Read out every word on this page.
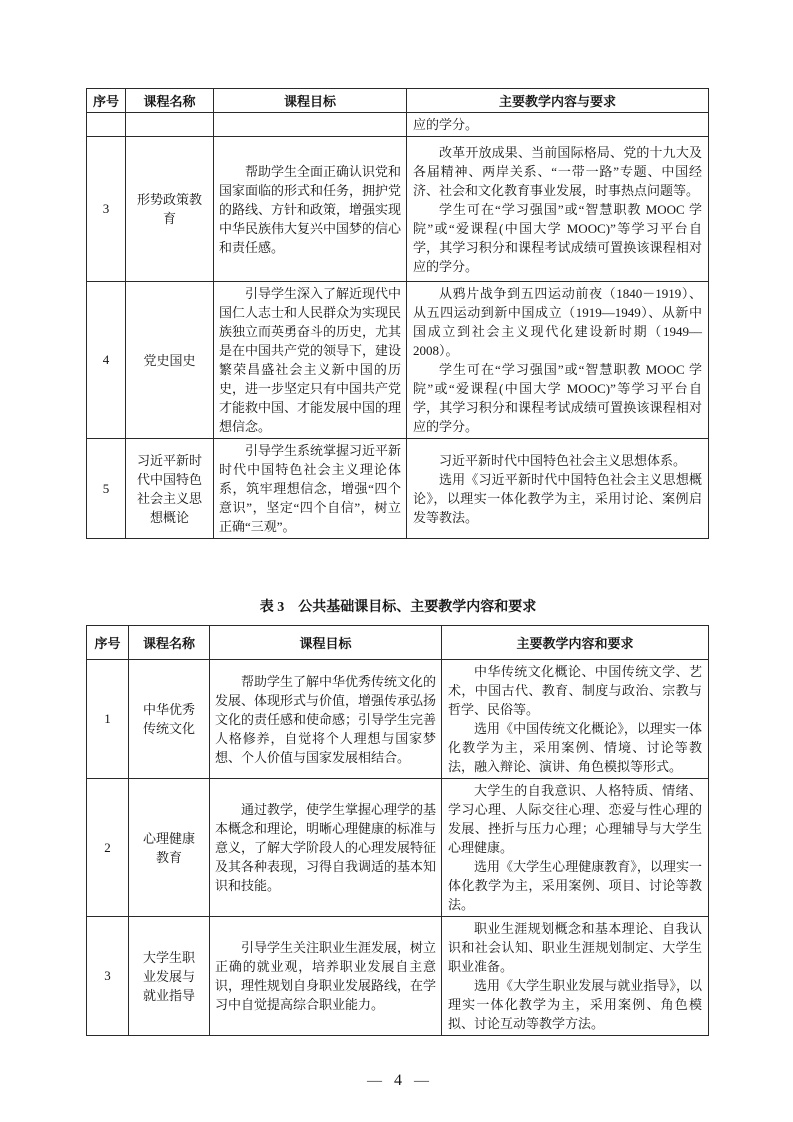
序号	课程名称	课程目标	主要教学内容与要求

			应的学分。

3	形势政策教育	帮助学生全面正确认识党和国家面临的形式和任务，拥护党的路线、方针和政策，增强实现中华民族伟大复兴中国梦的信心和责任感。	改革开放成果、当前国际格局、党的十九大及各届精神、两岸关系、“一带一路”专题、中国经济、社会和文化教育事业发展，时事热点问题等。

学生可在“学习强国”或“智慧职教 MOOC 学院”或“爱课程(中国大学 MOOC)”等学习平台自学，其学习积分和课程考试成绩可置换该课程相对应的学分。

4	党史国史	引导学生深入了解近现代中国仁人志士和人民群众为实现民族独立而英勇奋斗的历史，尤其是在中国共产党的领导下，建设繁荣昌盛社会主义新中国的历史，进一步坚定只有中国共产党才能救中国、才能发展中国的理想信念。	从鸦片战争到五四运动前夜（1840－1919）、从五四运动到新中国成立（1919—1949）、从新中国成立到社会主义现代化建设新时期（1949—2008）。

学生可在“学习强国”或“智慧职教 MOOC 学院”或“爱课程(中国大学 MOOC)”等学习平台自学，其学习积分和课程考试成绩可置换该课程相对应的学分。

5	习近平新时代中国特色社会主义思想概论	引导学生系统掌握习近平新时代中国特色社会主义理论体系，筑牢理想信念，增强“四个意识”，坚定“四个自信”，树立正确“三观”。	习近平新时代中国特色社会主义思想体系。

选用《习近平新时代中国特色社会主义思想概论》，以理实一体化教学为主，采用讨论、案例启发等教法。

表 3 公共基础课目标、主要教学内容和要求
序号	课程名称	课程目标	主要教学内容和要求
1	中华优秀传统文化	帮助学生了解中华优秀传统文化的发展、体现形式与价值，增强传承弘扬文化的责任感和使命感；引导学生完善人格修养，自觉将个人理想与国家梦想、个人价值与国家发展相结合。	中华传统文化概论、中国传统文学、艺术，中国古代、教育、制度与政治、宗教与哲学、民俗等。

选用《中国传统文化概论》，以理实一体化教学为主，采用案例、情境、讨论等教法，融入辩论、演讲、角色模拟等形式。

2	心理健康教育	通过教学，使学生掌握心理学的基本概念和理论，明晰心理健康的标准与意义，了解大学阶段人的心理发展特征及其各种表现，习得自我调适的基本知识和技能。	大学生的自我意识、人格特质、情绪、学习心理、人际交往心理、恋爱与性心理的发展、挫折与压力心理；心理辅导与大学生心理健康。

选用《大学生心理健康教育》，以理实一体化教学为主，采用案例、项目、讨论等教法。

3	大学生职业发展与就业指导	引导学生关注职业生涯发展，树立正确的就业观，培养职业发展自主意识，理性规划自身职业发展路线，在学习中自觉提高综合职业能力。	职业生涯规划概念和基本理论、自我认识和社会认知、职业生涯规划制定、大学生职业准备。

选用《大学生职业发展与就业指导》，以理实一体化教学为主，采用案例、角色模拟、讨论互动等教学方法。

— 4 —
